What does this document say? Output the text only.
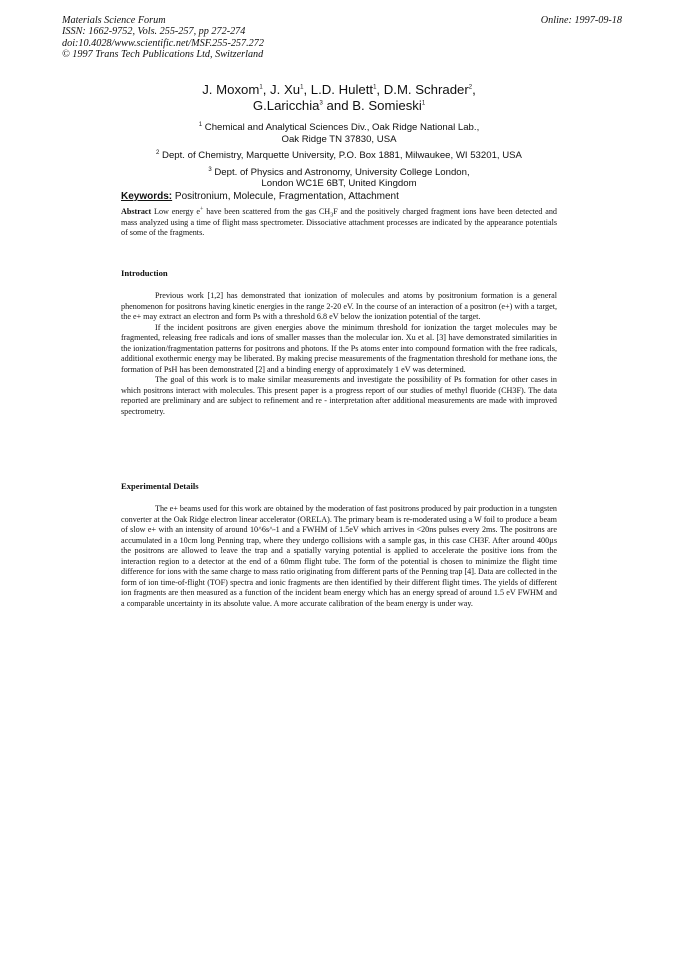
Materials Science Forum
ISSN: 1662-9752, Vols. 255-257, pp 272-274
doi:10.4028/www.scientific.net/MSF.255-257.272
© 1997 Trans Tech Publications Ltd, Switzerland
Online: 1997-09-18
J. Moxom$^1$, J. Xu$^1$, L.D. Hulett$^1$, D.M. Schrader$^2$,
G.Laricchia$^3$ and B. Somieski$^1$
$^1$ Chemical and Analytical Sciences Div., Oak Ridge National Lab.,
Oak Ridge TN 37830, USA
$^2$ Dept. of Chemistry, Marquette University, P.O. Box 1881, Milwaukee, WI 53201, USA
$^3$ Dept. of Physics and Astronomy, University College London,
London WC1E 6BT, United Kingdom
Keywords: Positronium, Molecule, Fragmentation, Attachment
Abstract Low energy e+ have been scattered from the gas $CH_3F$ and the positively charged fragment ions have been detected and mass analyzed using a time of flight mass spectrometer. Dissociative attachment processes are indicated by the appearance potentials of some of the fragments.
Introduction

Previous work [1,2] has demonstrated that ionization of molecules and atoms by positronium formation is a general phenomenon for positrons having kinetic energies in the range 2-20 eV. In the course of an interaction of a positron (e+) with a target, the e+ may extract an electron and form Ps with a threshold 6.8 eV below the ionization potential of the target.

If the incident positrons are given energies above the minimum threshold for ionization the target molecules may be fragmented, releasing free radicals and ions of smaller masses than the molecular ion. Xu et al. [3] have demonstrated similarities in the ionization/fragmentation patterns for positrons and photons. If the Ps atoms enter into compound formation with the free radicals, additional exothermic energy may be liberated. By making precise measurements of the fragmentation threshold for methane ions, the formation of PsH has been demonstrated [2] and a binding energy of approximately 1 eV was determined.

The goal of this work is to make similar measurements and investigate the possibility of Ps formation for other cases in which positrons interact with molecules. This present paper is a progress report of our studies of methyl fluoride (CH3F). The data reported are preliminary and are subject to refinement and re - interpretation after additional measurements are made with improved spectrometry.

Experimental Details

The e+ beams used for this work are obtained by the moderation of fast positrons produced by pair production in a tungsten converter at the Oak Ridge electron linear accelerator (ORELA). The primary beam is re-moderated using a W foil to produce a beam of slow e+ with an intensity of around 10^6s^-1 and a FWHM of 1.5eV which arrives in <20ns pulses every 2ms. The positrons are accumulated in a 10cm long Penning trap, where they undergo collisions with a sample gas, in this case CH3F. After around 400µs the positrons are allowed to leave the trap and a spatially varying potential is applied to accelerate the positive ions from the interaction region to a detector at the end of a 60mm flight tube. The form of the potential is chosen to minimize the flight time difference for ions with the same charge to mass ratio originating from different parts of the Penning trap [4]. Data are collected in the form of ion time-of-flight (TOF) spectra and ionic fragments are then identified by their different flight times. The yields of different ion fragments are then measured as a function of the incident beam energy which has an energy spread of around 1.5 eV FWHM and a comparable uncertainty in its absolute value. A more accurate calibration of the beam energy is under way.
